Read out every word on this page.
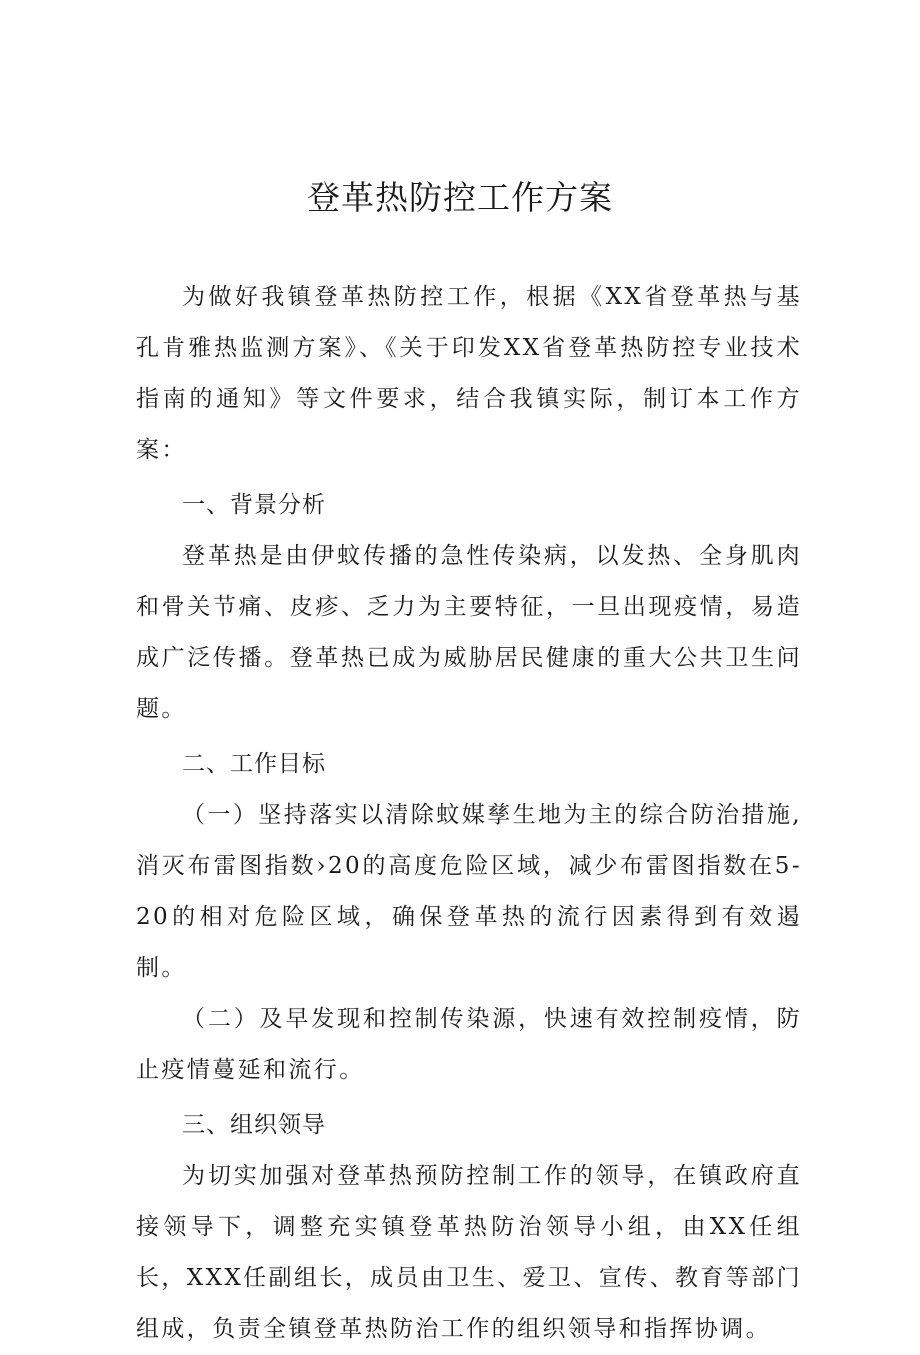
登革热防控工作方案

为做好我镇登革热防控工作，根据《XX省登革热与基孔肯雅热监测方案》、《关于印发XX省登革热防控专业技术指南的通知》等文件要求，结合我镇实际，制订本工作方案：

一、背景分析

登革热是由伊蚊传播的急性传染病，以发热、全身肌肉和骨关节痛、皮疹、乏力为主要特征，一旦出现疫情，易造成广泛传播。登革热已成为威胁居民健康的重大公共卫生问题。

二、工作目标

（一）坚持落实以清除蚊媒孳生地为主的综合防治措施,消灭布雷图指数›20的高度危险区域，减少布雷图指数在5-20的相对危险区域，确保登革热的流行因素得到有效遏制。

（二）及早发现和控制传染源，快速有效控制疫情，防止疫情蔓延和流行。

三、组织领导

为切实加强对登革热预防控制工作的领导，在镇政府直接领导下，调整充实镇登革热防治领导小组，由XX任组长，XXX任副组长，成员由卫生、爱卫、宣传、教育等部门组成，负责全镇登革热防治工作的组织领导和指挥协调。
